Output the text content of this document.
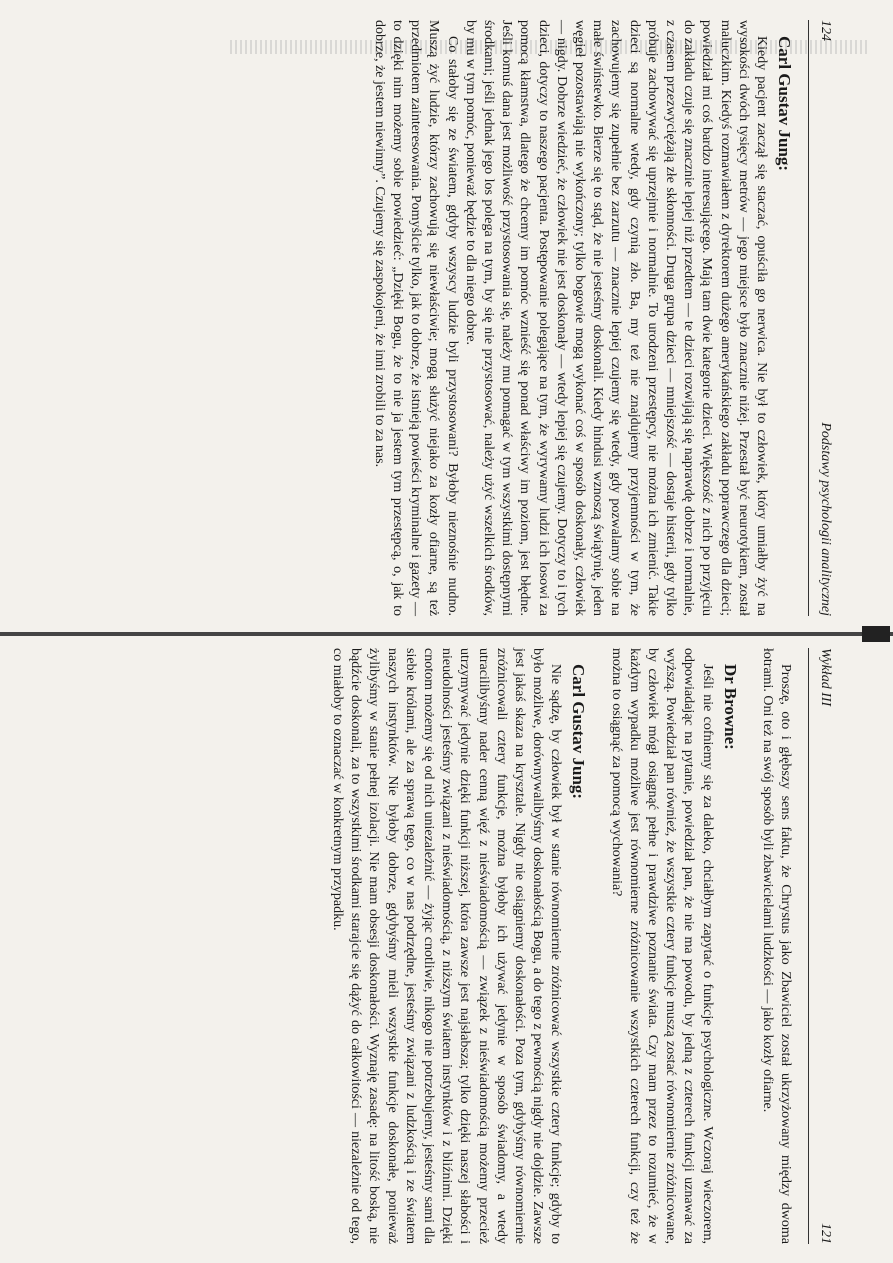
124
Podstawy psychologii analitycznej
Carl Gustav Jung:

Kiedy pacjent zaczął się staczać, opuściła go nerwica. Nie był to człowiek, który umiałby żyć na wysokości dwóch tysięcy metrów — jego miejsce było znacznie niżej. Przestał być neurotykiem, został maluczkim. Kiedyś rozmawiałem z dyrektorem dużego amerykańskiego zakładu poprawczego dla dzieci; powiedział mi coś bardzo interesującego. Mają tam dwie kategorie dzieci. Większość z nich po przyjęciu do zakładu czuje się znacznie lepiej niż przedtem — te dzieci rozwijają się naprawdę dobrze i normalnie, z czasem przezwyciężają złe skłonności. Druga grupa dzieci — mniejszość — dostaje histerii, gdy tylko próbuje zachowywać się uprzejmie i normalnie. To urodzeni przestępcy, nie można ich zmienić. Takie dzieci są normalne wtedy, gdy czynią zło. Ba, my też nie znajdujemy przyjemności w tym, że zachowujemy się zupełnie bez zarzutu — znacznie lepiej czujemy się wtedy, gdy pozwalamy sobie na małe świństewko. Bierze się to stąd, że nie jesteśmy doskonali. Kiedy hindusi wznoszą świątynię, jeden węgieł pozostawiają nie wykończony; tylko bogowie mogą wykonać coś w sposób doskonały, człowiek — nigdy. Dobrze wiedzieć, że człowiek nie jest doskonały — wtedy lepiej się czujemy. Dotyczy to i tych dzieci, dotyczy to naszego pacjenta. Postępowanie polegające na tym, że wyrywamy ludzi ich losowi za pomocą kłamstwa, dlatego że chcemy im pomóc wznieść się ponad właściwy im poziom, jest błędne. Jeśli komuś dana jest możliwość przystosowania się, należy mu pomagać w tym wszystkimi dostępnymi środkami; jeśli jednak jego los polega na tym, by się nie przystosować, należy użyć wszelkich środków, by mu w tym pomóc, ponieważ będzie to dla niego dobre.

Co stałoby się ze światem, gdyby wszyscy ludzie byli przystosowani? Byłoby nieznośnie nudno. Muszą żyć ludzie, którzy zachowują się niewłaściwie; mogą służyć niejako za kozły ofiarne, są też przedmiotem zainteresowania. Pomyślcie tylko, jak to dobrze, że istnieją powieści kryminalne i gazety — to dzięki nim możemy sobie powiedzieć: „Dzięki Bogu, że to nie ja jestem tym przestępcą, o, jak to dobrze, że jestem niewinny”. Czujemy się zaspokojeni, że inni zrobili to za nas.

Wykład III
121

Proszę, oto i głębszy sens faktu, że Chrystus jako Zbawiciel został ukrzyżowany między dwoma łotrami. Oni też na swój sposób byli zbawicielami ludzkości — jako kozły ofiarne.

Dr Browne:

Jeśli nie cofniemy się za daleko, chciałbym zapytać o funkcje psychologiczne. Wczoraj wieczorem, odpowiadając na pytanie, powiedział pan, że nie ma powodu, by jedną z czterech funkcji uznawać za wyższą. Powiedział pan również, że wszystkie cztery funkcje muszą zostać równomiernie zróżnicowane, by człowiek mógł osiągnąć pełne i prawdziwe poznanie świata. Czy mam przez to rozumieć, że w każdym wypadku możliwe jest równomierne zróżnicowanie wszystkich czterech funkcji, czy też że można to osiągnąć za pomocą wychowania?

Carl Gustav Jung:

Nie sądzę, by człowiek był w stanie równomiernie zróżnicować wszystkie cztery funkcje; gdyby to było możliwe, dorównywalibyśmy doskonałością Bogu, a do tego z pewnością nigdy nie dojdzie. Zawsze jest jakaś skaza na krysztale. Nigdy nie osiągniemy doskonałości. Poza tym, gdybyśmy równomiernie zróżnicowali cztery funkcje, można byłoby ich używać jedynie w sposób świadomy, a wtedy utracilibyśmy nader cenną więź z nieświadomością — związek z nieświadomością możemy przecież utrzymywać jedynie dzięki funkcji niższej, która zawsze jest najsłabsza; tylko dzięki naszej słabości i nieudolności jesteśmy związani z nieświadomością, z niższym światem instynktów i z bliźnimi. Dzięki cnotom możemy się od nich uniezależnić — żyjąc cnotliwie, nikogo nie potrzebujemy, jesteśmy sami dla siebie królami, ale za sprawą tego, co w nas podrzędne, jesteśmy związani z ludzkością i ze światem naszych instynktów. Nie byłoby dobrze, gdybyśmy mieli wszystkie funkcje doskonałe, ponieważ żylibyśmy w stanie pełnej izolacji. Nie mam obsesji doskonałości. Wyznaję zasadę: na litość boską, nie bądźcie doskonali, za to wszystkimi środkami starajcie się dążyć do całkowitości — niezależnie od tego, co miałoby to oznaczać w konkretnym przypadku.
